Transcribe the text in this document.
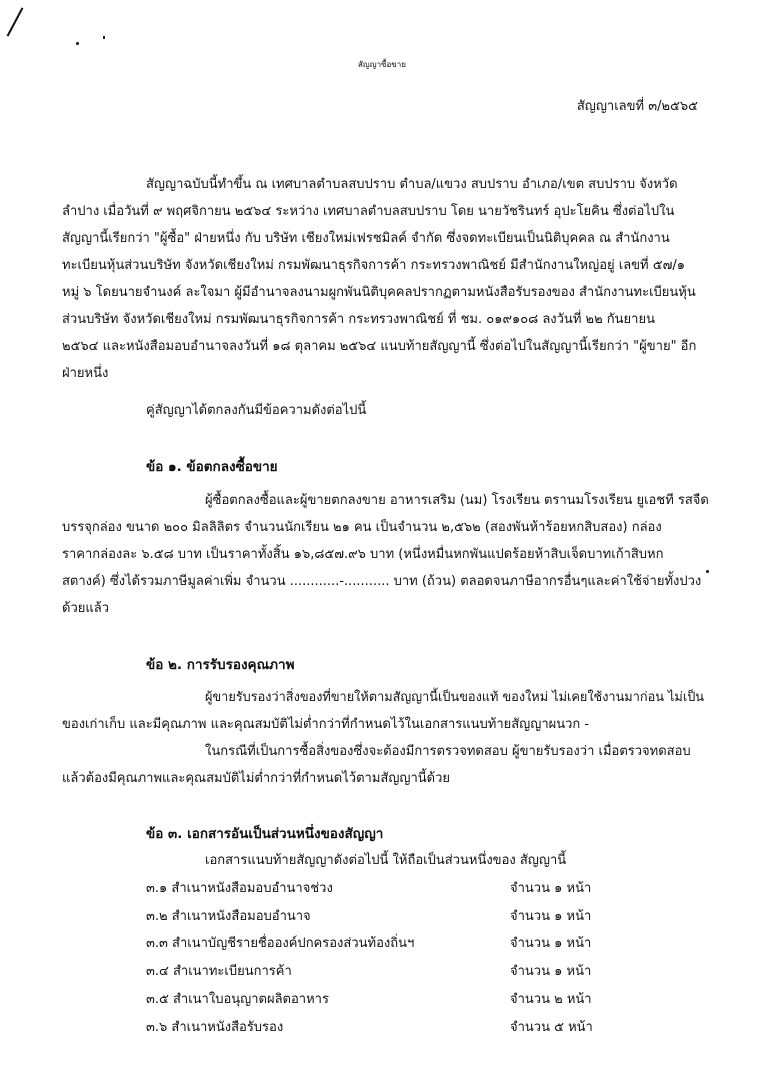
สัญญาซื้อขาย
สัญญาเลขที่ ๓/๒๕๖๕
สัญญาฉบับนี้ทำขึ้น ณ เทศบาลตำบลสบปราบ ตำบล/แขวง สบปราบ อำเภอ/เขต สบปราบ จังหวัด
ลำปาง เมื่อวันที่ ๙ พฤศจิกายน ๒๕๖๔ ระหว่าง เทศบาลตำบลสบปราบ โดย นายวัชรินทร์ อุปะโยคิน ซึ่งต่อไปใน
สัญญานี้เรียกว่า "ผู้ซื้อ" ฝ่ายหนึ่ง กับ บริษัท เชียงใหม่เฟรชมิลค์ จำกัด ซึ่งจดทะเบียนเป็นนิติบุคคล ณ สำนักงาน
ทะเบียนหุ้นส่วนบริษัท จังหวัดเชียงใหม่ กรมพัฒนาธุรกิจการค้า กระทรวงพาณิชย์ มีสำนักงานใหญ่อยู่ เลขที่ ๕๗/๑
หมู่ ๖ โดยนายจำนงค์ ละใจมา ผู้มีอำนาจลงนามผูกพันนิติบุคคลปรากฏตามหนังสือรับรองของ สำนักงานทะเบียนหุ้น
ส่วนบริษัท จังหวัดเชียงใหม่ กรมพัฒนาธุรกิจการค้า กระทรวงพาณิชย์ ที่ ชม. ๐๑๙๑๐๘ ลงวันที่ ๒๒ กันยายน
๒๕๖๔ และหนังสือมอบอำนาจลงวันที่ ๑๘ ตุลาคม ๒๕๖๔ แนบท้ายสัญญานี้ ซึ่งต่อไปในสัญญานี้เรียกว่า "ผู้ขาย" อีก
ฝ่ายหนึ่ง
คู่สัญญาได้ตกลงกันมีข้อความดังต่อไปนี้
ข้อ ๑. ข้อตกลงซื้อขาย
ผู้ซื้อตกลงซื้อและผู้ขายตกลงขาย อาหารเสริม (นม) โรงเรียน ตรานมโรงเรียน ยูเอชที รสจืด
บรรจุกล่อง ขนาด ๒๐๐ มิลลิลิตร จำนวนนักเรียน ๒๑ คน เป็นจำนวน ๒,๕๖๒ (สองพันห้าร้อยหกสิบสอง) กล่อง
ราคากล่องละ ๖.๕๘ บาท เป็นราคาทั้งสิ้น ๑๖,๘๕๗.๙๖ บาท (หนึ่งหมื่นหกพันแปดร้อยห้าสิบเจ็ดบาทเก้าสิบหก
สตางค์) ซึ่งได้รวมภาษีมูลค่าเพิ่ม จำนวน ............-........... บาท (ถ้วน) ตลอดจนภาษีอากรอื่นๆและค่าใช้จ่ายทั้งปวง
ด้วยแล้ว
ข้อ ๒. การรับรองคุณภาพ
ผู้ขายรับรองว่าสิ่งของที่ขายให้ตามสัญญานี้เป็นของแท้ ของใหม่ ไม่เคยใช้งานมาก่อน ไม่เป็น
ของเก่าเก็บ และมีคุณภาพ และคุณสมบัติไม่ต่ำกว่าที่กำหนดไว้ในเอกสารแนบท้ายสัญญาผนวก -
ในกรณีที่เป็นการซื้อสิ่งของซึ่งจะต้องมีการตรวจทดสอบ ผู้ขายรับรองว่า เมื่อตรวจทดสอบ
แล้วต้องมีคุณภาพและคุณสมบัติไม่ต่ำกว่าที่กำหนดไว้ตามสัญญานี้ด้วย
ข้อ ๓. เอกสารอันเป็นส่วนหนึ่งของสัญญา
เอกสารแนบท้ายสัญญาดังต่อไปนี้ ให้ถือเป็นส่วนหนึ่งของ สัญญานี้
๓.๑ สำเนาหนังสือมอบอำนาจช่วง	จำนวน ๑ หน้า
๓.๒ สำเนาหนังสือมอบอำนาจ	จำนวน ๑ หน้า
๓.๓ สำเนาบัญชีรายชื่อองค์ปกครองส่วนท้องถิ่นฯ	จำนวน ๑ หน้า
๓.๔ สำเนาทะเบียนการค้า	จำนวน ๑ หน้า
๓.๕ สำเนาใบอนุญาตผลิตอาหาร	จำนวน ๒ หน้า
๓.๖ สำเนาหนังสือรับรอง	จำนวน ๕ หน้า
